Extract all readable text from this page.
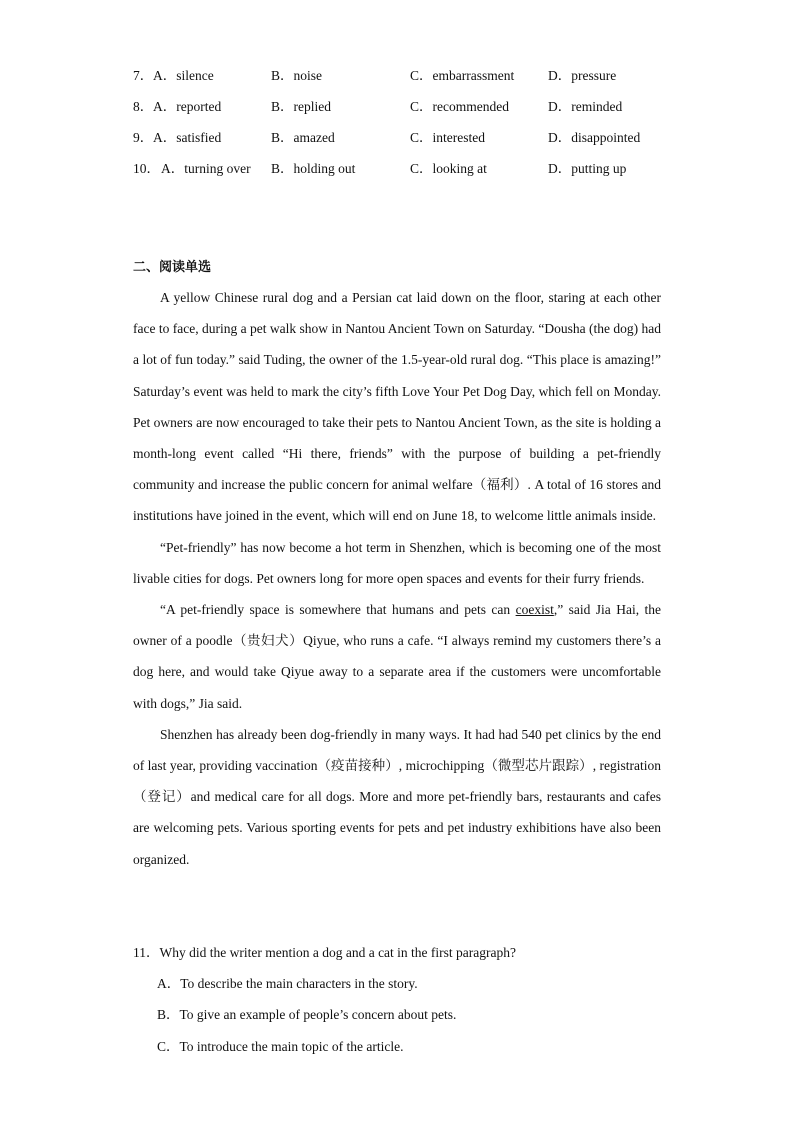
7． A．silence	B．noise	C．embarrassment	D．pressure
8． A．reported	B．replied	C．recommended	D．reminded
9． A．satisfied	B．amazed	C．interested	D．disappointed
10． A．turning over B．holding out	C．looking at	D．putting up
二、阅读单选

A yellow Chinese rural dog and a Persian cat laid down on the floor, staring at each other face to face, during a pet walk show in Nantou Ancient Town on Saturday. “Dousha (the dog) had a lot of fun today.” said Tuding, the owner of the 1.5-year-old rural dog. “This place is amazing!” Saturday’s event was held to mark the city’s fifth Love Your Pet Dog Day, which fell on Monday. Pet owners are now encouraged to take their pets to Nantou Ancient Town, as the site is holding a month-long event called “Hi there, friends” with the purpose of building a pet-friendly community and increase the public concern for animal welfare（福利）. A total of 16 stores and institutions have joined in the event, which will end on June 18, to welcome little animals inside.

“Pet-friendly” has now become a hot term in Shenzhen, which is becoming one of the most livable cities for dogs. Pet owners long for more open spaces and events for their furry friends.

“A pet-friendly space is somewhere that humans and pets can coexist,” said Jia Hai, the owner of a poodle（贵妇犬）Qiyue, who runs a cafe. “I always remind my customers there’s a dog here, and would take Qiyue away to a separate area if the customers were uncomfortable with dogs,” Jia said.

Shenzhen has already been dog-friendly in many ways. It had had 540 pet clinics by the end of last year, providing vaccination（疫苗接种）, microchipping（微型芯片跟踪）, registration（登记）and medical care for all dogs. More and more pet-friendly bars, restaurants and cafes are welcoming pets. Various sporting events for pets and pet industry exhibitions have also been organized.

11．Why did the writer mention a dog and a cat in the first paragraph?

A．To describe the main characters in the story.

B．To give an example of people’s concern about pets.

C．To introduce the main topic of the article.
